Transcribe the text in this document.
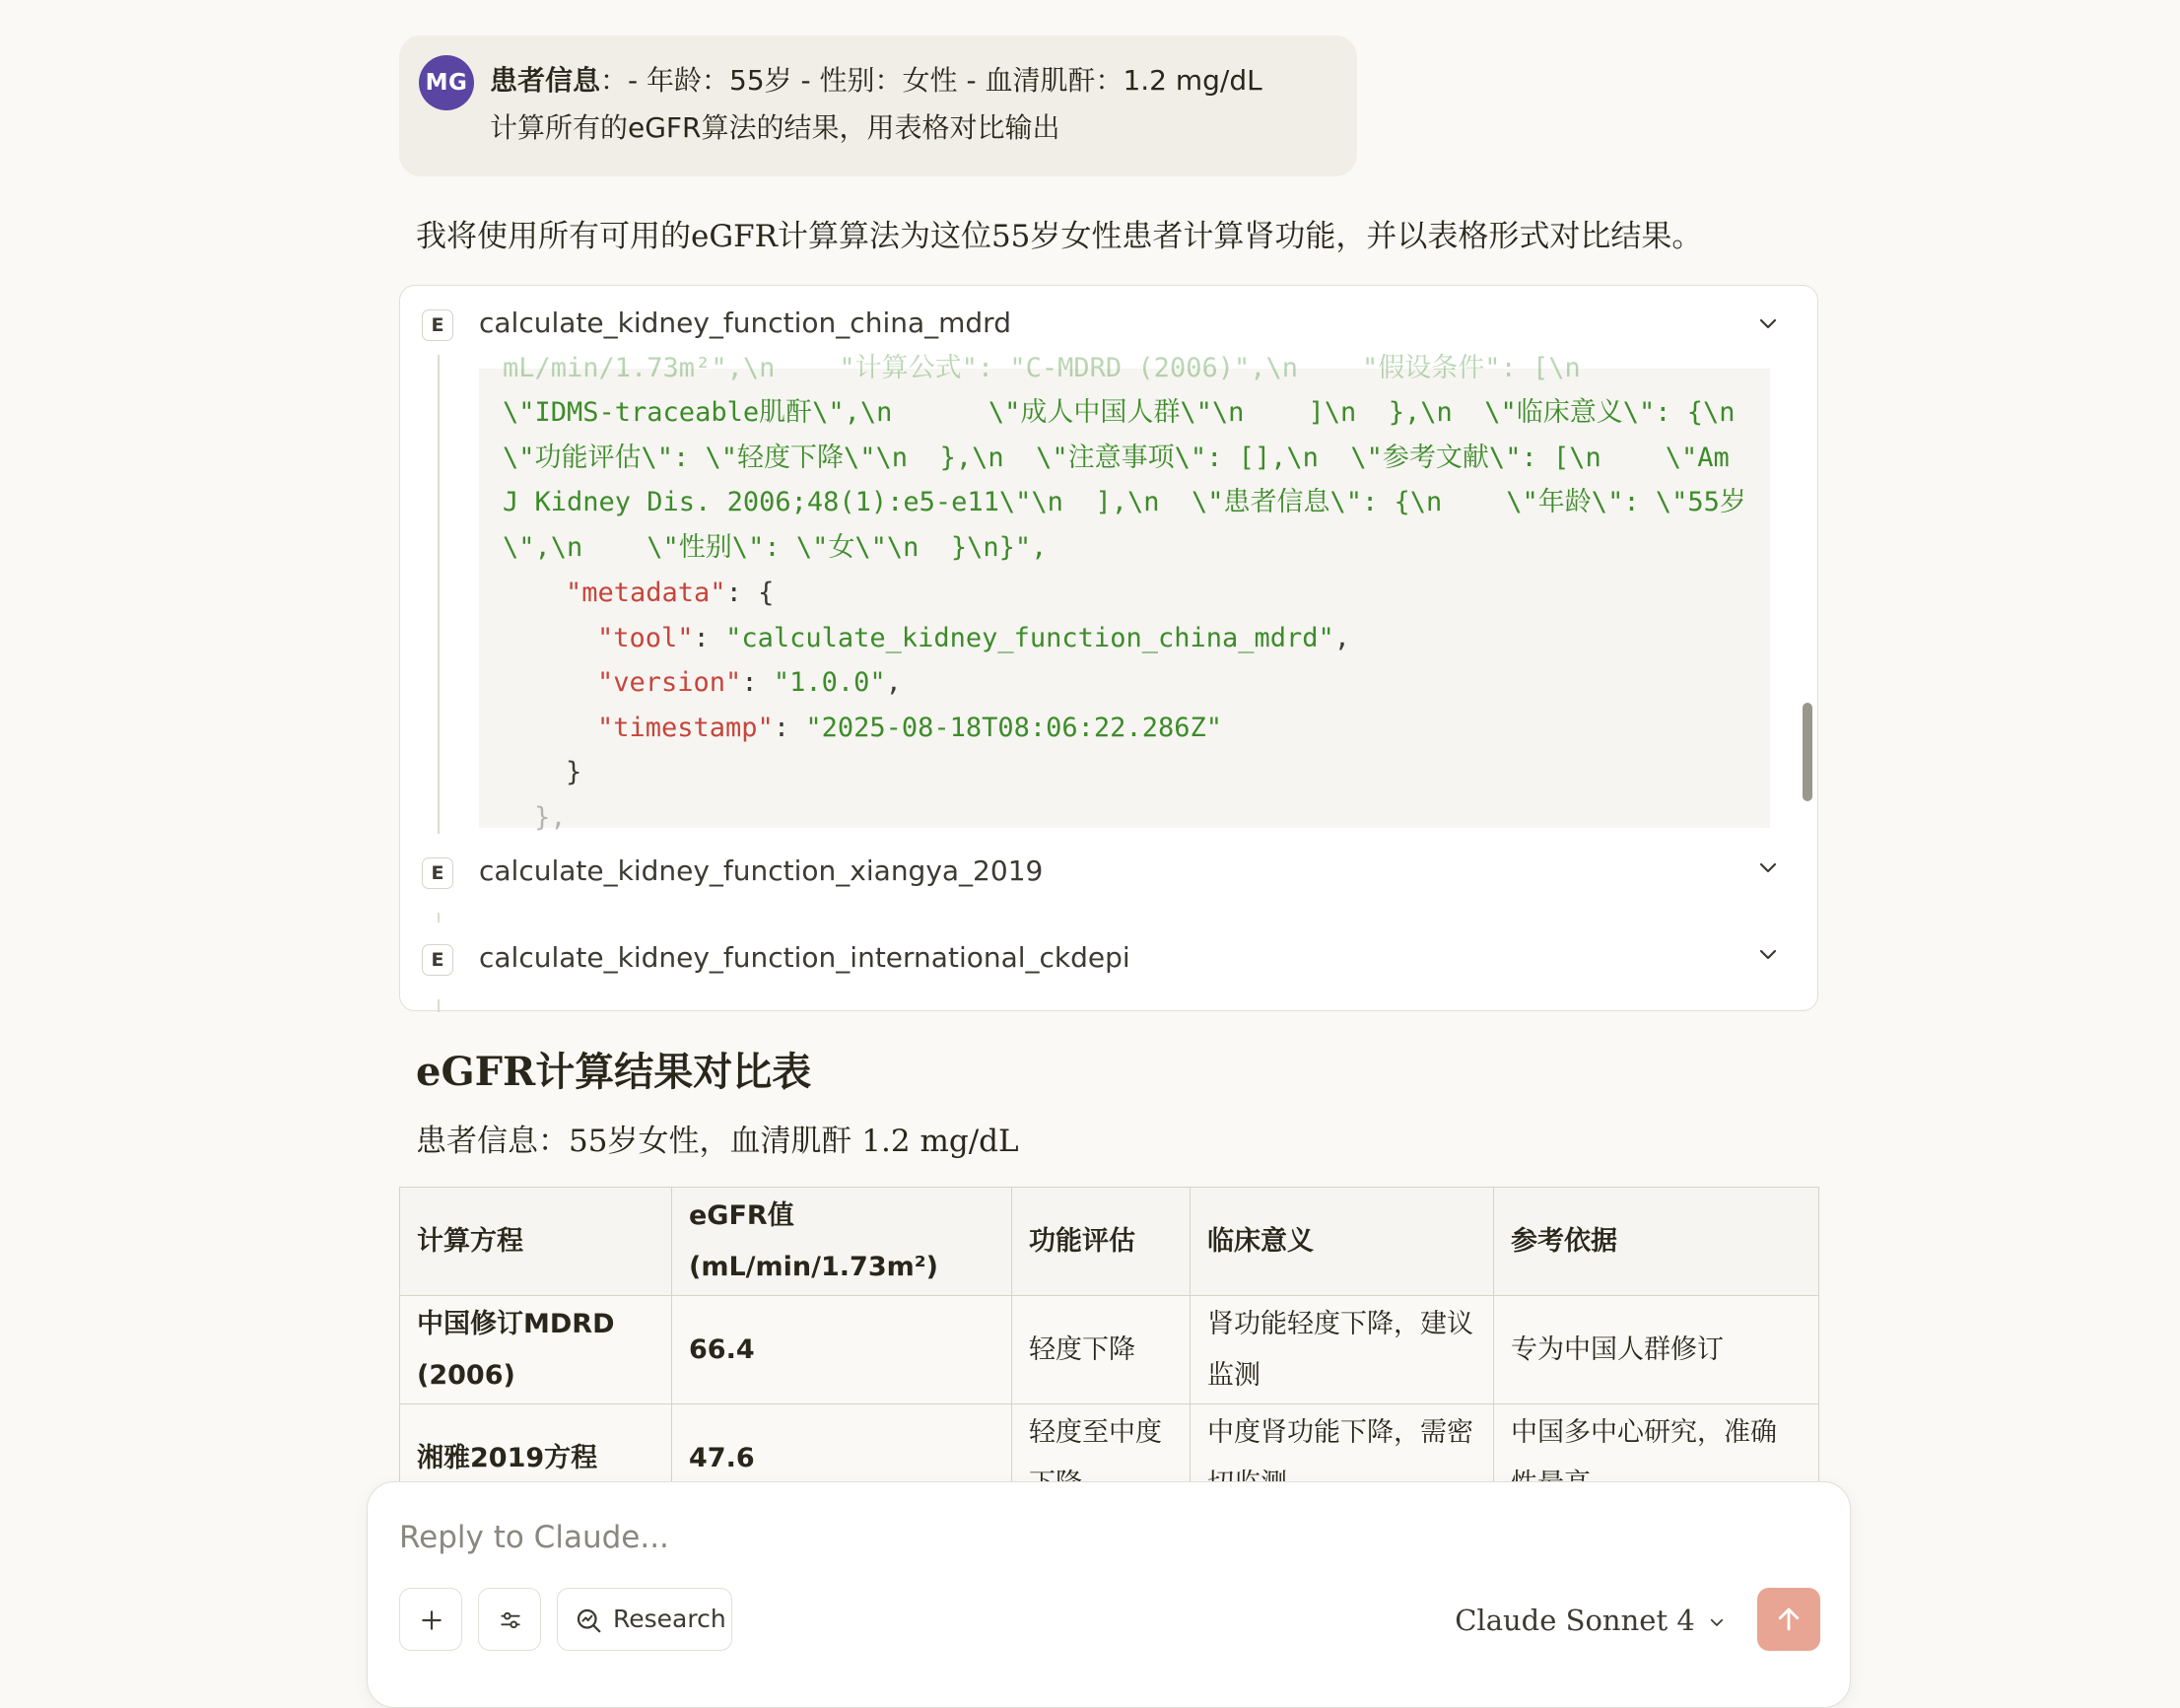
MG 患者信息：- 年龄：55岁 - 性别：女性 - 血清肌酐：1.2 mg/dL
计算所有的eGFR算法的结果，用表格对比输出
我将使用所有可用的eGFR计算算法为这位55岁女性患者计算肾功能，并以表格形式对比结果。
E	calculate_kidney_function_china_mdrd

mL/min/1.73m²",\n    "计算公式": "C-MDRD (2006)",\n    "假设条件": [\n

\"IDMS-traceable肌酐\",\n      \"成人中国人群\"\n    ]\n  },\n  \"临床意义\": {\n

\"功能评估\": \"轻度下降\"\n  },\n  \"注意事项\": [],\n  \"参考文献\": [\n    \"Am

J Kidney Dis. 2006;48(1):e5-e11\"\n  ],\n  \"患者信息\": {\n    \"年龄\": \"55岁

\",\n    \"性别\": \"女\"\n  }\n}",

"metadata": {

"tool": "calculate_kidney_function_china_mdrd",

"version": "1.0.0",

"timestamp": "2025-08-18T08:06:22.286Z"

}

},

E	calculate_kidney_function_xiangya_2019
E	calculate_kidney_function_international_ckdepi
eGFR计算结果对比表
患者信息：55岁女性，血清肌酐 1.2 mg/dL
计算方程	eGFR值 (mL/min/1.73m²)	功能评估	临床意义	参考依据
中国修订MDRD (2006)	66.4	轻度下降	肾功能轻度下降，建议监测	专为中国人群修订
湘雅2019方程	47.6	轻度至中度	中度肾功能下降，需密	中国多中心研究，准确
Reply to Claude...
Research	Claude Sonnet 4
